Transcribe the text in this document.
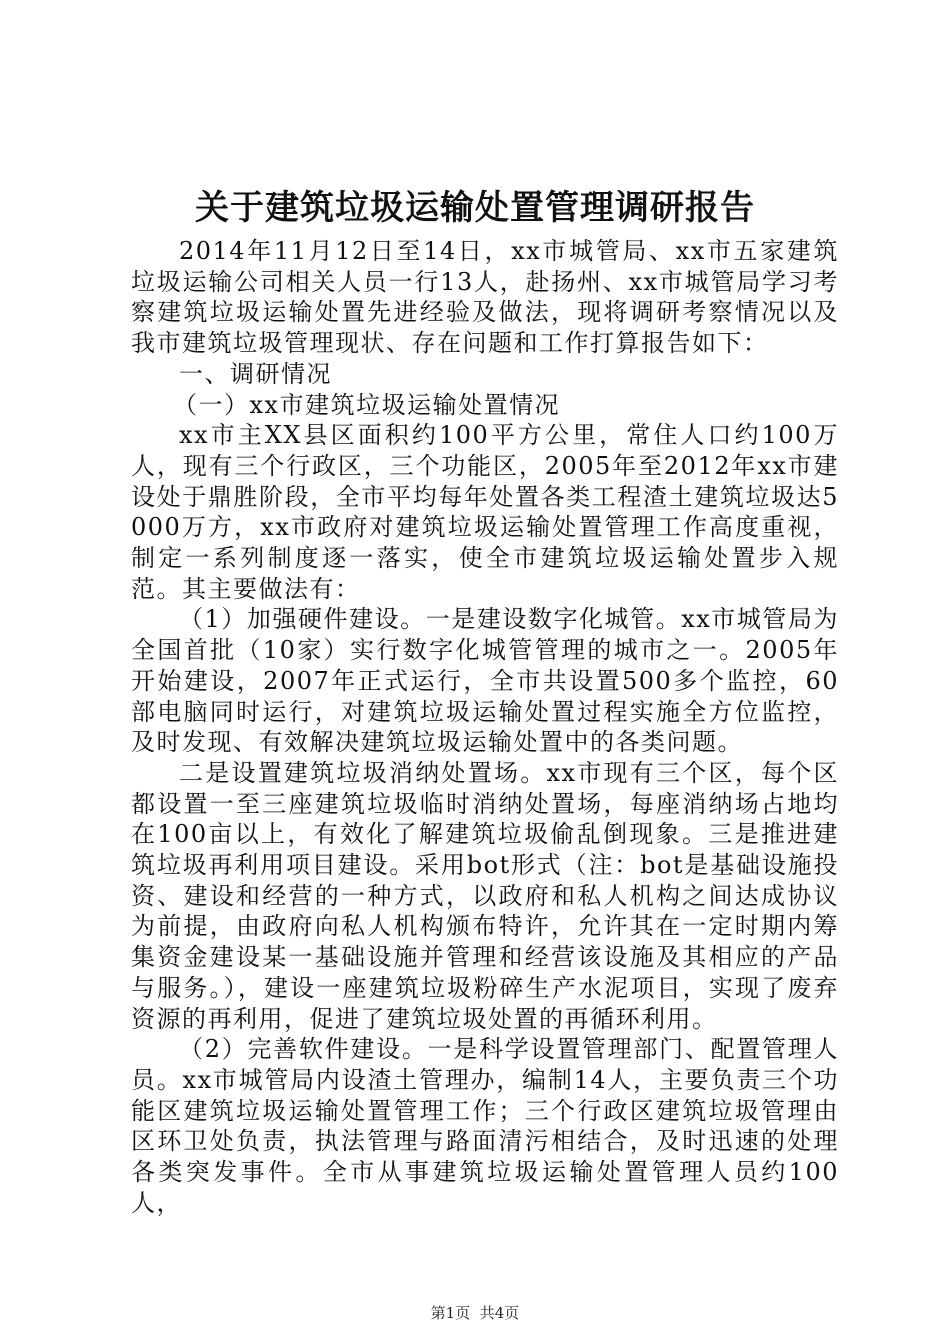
关于建筑垃圾运输处置管理调研报告

2014年11月12日至14日，xx市城管局、xx市五家建筑垃圾运输公司相关人员一行13人，赴扬州、xx市城管局学习考察建筑垃圾运输处置先进经验及做法，现将调研考察情况以及我市建筑垃圾管理现状、存在问题和工作打算报告如下：

一、调研情况

（一）xx市建筑垃圾运输处置情况

xx市主XX县区面积约100平方公里，常住人口约100万人，现有三个行政区，三个功能区，2005年至2012年xx市建设处于鼎胜阶段，全市平均每年处置各类工程渣土建筑垃圾达5000万方，xx市政府对建筑垃圾运输处置管理工作高度重视，制定一系列制度逐一落实，使全市建筑垃圾运输处置步入规范。其主要做法有：

（1）加强硬件建设。一是建设数字化城管。xx市城管局为全国首批（10家）实行数字化城管管理的城市之一。2005年开始建设，2007年正式运行，全市共设置500多个监控，60部电脑同时运行，对建筑垃圾运输处置过程实施全方位监控，及时发现、有效解决建筑垃圾运输处置中的各类问题。

二是设置建筑垃圾消纳处置场。xx市现有三个区，每个区都设置一至三座建筑垃圾临时消纳处置场，每座消纳场占地均在100亩以上，有效化了解建筑垃圾偷乱倒现象。三是推进建筑垃圾再利用项目建设。采用bot形式（注：bot是基础设施投资、建设和经营的一种方式，以政府和私人机构之间达成协议为前提，由政府向私人机构颁布特许，允许其在一定时期内筹集资金建设某一基础设施并管理和经营该设施及其相应的产品与服务。），建设一座建筑垃圾粉碎生产水泥项目，实现了废弃资源的再利用，促进了建筑垃圾处置的再循环利用。

（2）完善软件建设。一是科学设置管理部门、配置管理人员。xx市城管局内设渣土管理办，编制14人，主要负责三个功能区建筑垃圾运输处置管理工作；三个行政区建筑垃圾管理由区环卫处负责，执法管理与路面清污相结合，及时迅速的处理各类突发事件。全市从事建筑垃圾运输处置管理人员约100人，

第1页 共4页
